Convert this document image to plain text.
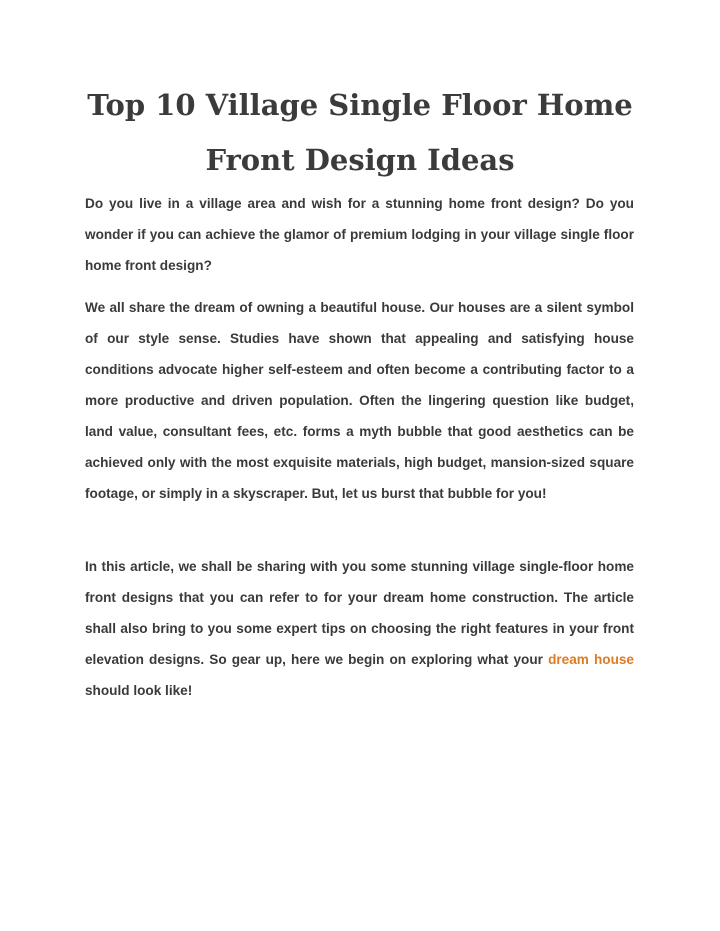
Top 10 Village Single Floor Home
Front Design Ideas

Do you live in a village area and wish for a stunning home front design? Do you wonder if you can achieve the glamor of premium lodging in your village single floor home front design?

We all share the dream of owning a beautiful house. Our houses are a silent symbol of our style sense. Studies have shown that appealing and satisfying house conditions advocate higher self-esteem and often become a contributing factor to a more productive and driven population. Often the lingering question like budget, land value, consultant fees, etc. forms a myth bubble that good aesthetics can be achieved only with the most exquisite materials, high budget, mansion-sized square footage, or simply in a skyscraper. But, let us burst that bubble for you!

In this article, we shall be sharing with you some stunning village single-floor home front designs that you can refer to for your dream home construction. The article shall also bring to you some expert tips on choosing the right features in your front elevation designs. So gear up, here we begin on exploring what your dream house should look like!
